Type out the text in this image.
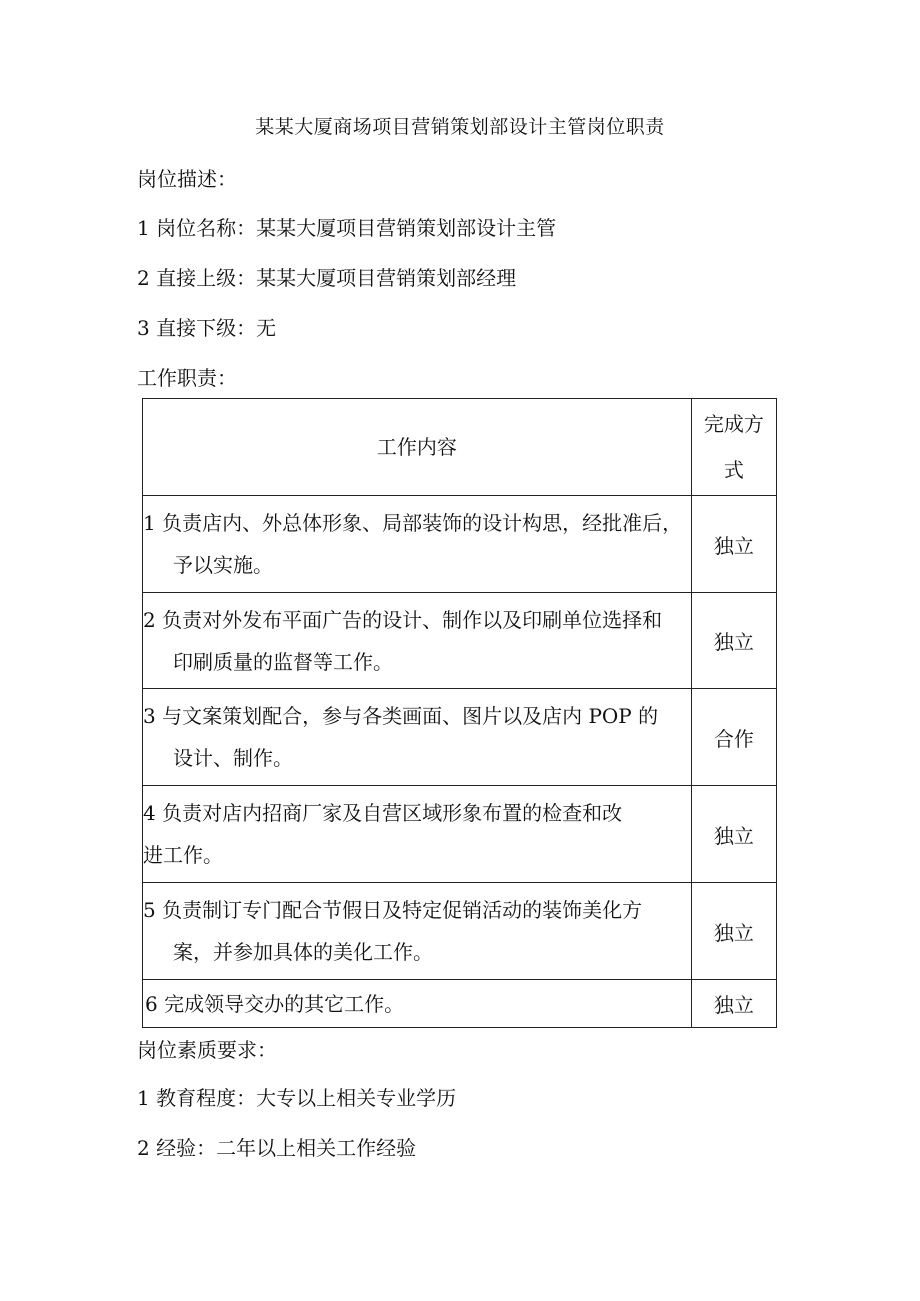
某某大厦商场项目营销策划部设计主管岗位职责
岗位描述：
1 岗位名称：某某大厦项目营销策划部设计主管
2 直接上级：某某大厦项目营销策划部经理
3 直接下级：无
工作职责：
工作内容	完成方
式

1 负责店内、外总体形象、局部装饰的设计构思，经批准后，
予以实施。	独立

2 负责对外发布平面广告的设计、制作以及印刷单位选择和
印刷质量的监督等工作。	独立

3 与文案策划配合，参与各类画面、图片以及店内 POP 的
设计、制作。	合作

4 负责对店内招商厂家及自营区域形象布置的检查和改
进工作。	独立

5 负责制订专门配合节假日及特定促销活动的装饰美化方
案，并参加具体的美化工作。	独立
6 完成领导交办的其它工作。	独立
岗位素质要求：
1 教育程度：大专以上相关专业学历
2 经验：二年以上相关工作经验
